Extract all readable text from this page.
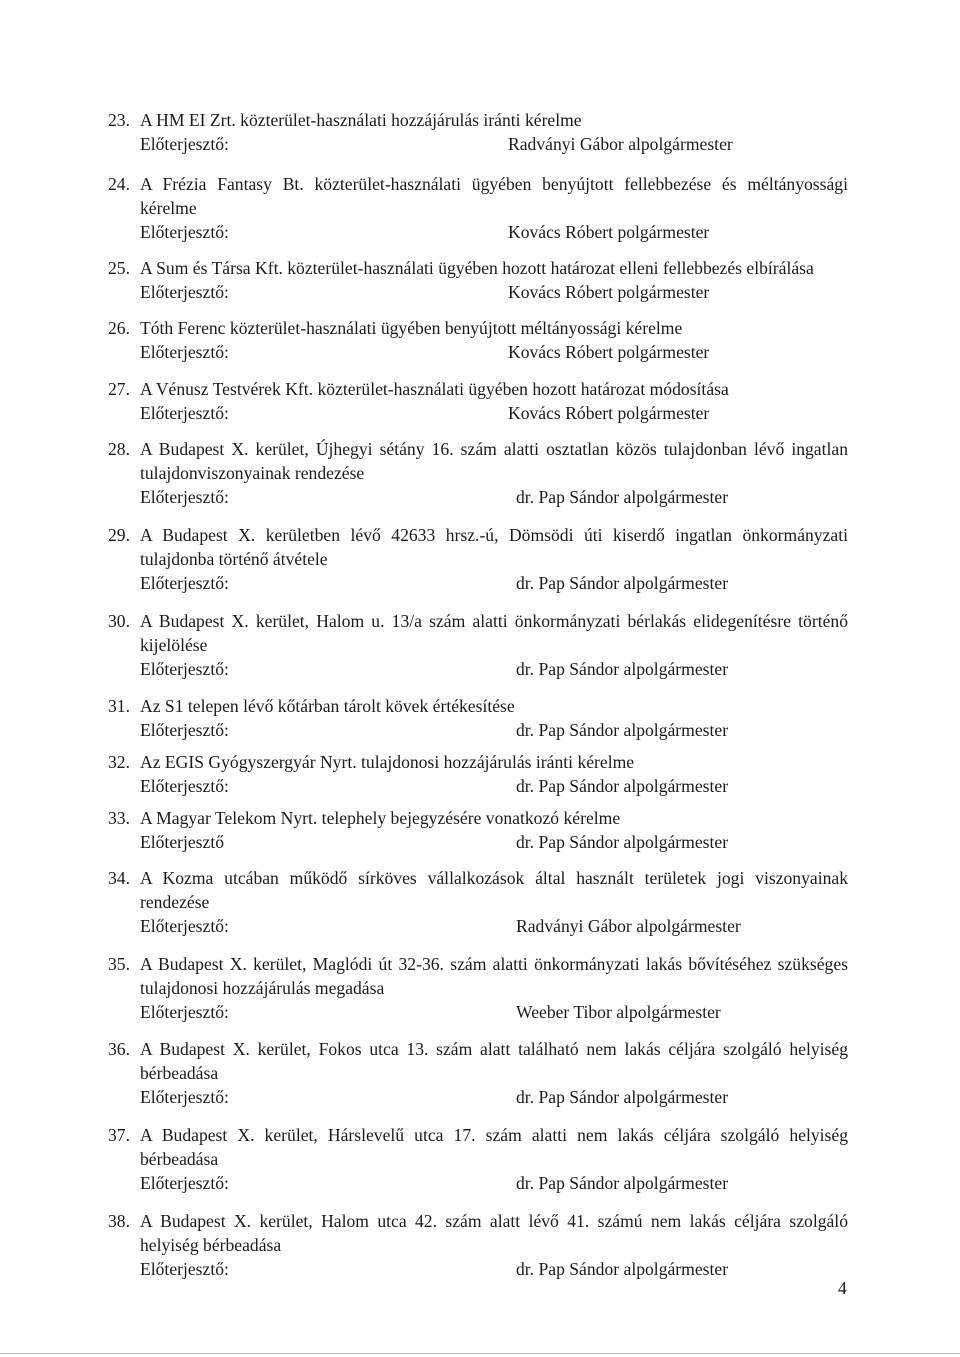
23. A HM EI Zrt. közterület-használati hozzájárulás iránti kérelme
Előterjesztő:	Radványi Gábor alpolgármester
24. A Frézia Fantasy Bt. közterület-használati ügyében benyújtott fellebbezése és méltányossági kérelme
Előterjesztő:	Kovács Róbert polgármester
25. A Sum és Társa Kft. közterület-használati ügyében hozott határozat elleni fellebbezés elbírálása
Előterjesztő:	Kovács Róbert polgármester
26. Tóth Ferenc közterület-használati ügyében benyújtott méltányossági kérelme
Előterjesztő:	Kovács Róbert polgármester
27. A Vénusz Testvérek Kft. közterület-használati ügyében hozott határozat módosítása
Előterjesztő:	Kovács Róbert polgármester
28. A Budapest X. kerület, Újhegyi sétány 16. szám alatti osztatlan közös tulajdonban lévő ingatlan tulajdonviszonyainak rendezése
Előterjesztő:	dr. Pap Sándor alpolgármester
29. A Budapest X. kerületben lévő 42633 hrsz.-ú, Dömsödi úti kiserdő ingatlan önkormányzati tulajdonba történő átvétele
Előterjesztő:	dr. Pap Sándor alpolgármester
30. A Budapest X. kerület, Halom u. 13/a szám alatti önkormányzati bérlakás elidegenítésre történő kijelölése
Előterjesztő:	dr. Pap Sándor alpolgármester
31. Az S1 telepen lévő kőtárban tárolt kövek értékesítése
Előterjesztő:	dr. Pap Sándor alpolgármester
32. Az EGIS Gyógyszergyár Nyrt. tulajdonosi hozzájárulás iránti kérelme
Előterjesztő:	dr. Pap Sándor alpolgármester
33. A Magyar Telekom Nyrt. telephely bejegyzésére vonatkozó kérelme
Előterjesztő	dr. Pap Sándor alpolgármester
34. A Kozma utcában működő sírköves vállalkozások által használt területek jogi viszonyainak rendezése
Előterjesztő:	Radványi Gábor alpolgármester
35. A Budapest X. kerület, Maglódi út 32-36. szám alatti önkormányzati lakás bővítéséhez szükséges tulajdonosi hozzájárulás megadása
Előterjesztő:	Weeber Tibor alpolgármester
36. A Budapest X. kerület, Fokos utca 13. szám alatt található nem lakás céljára szolgáló helyiség bérbeadása
Előterjesztő:	dr. Pap Sándor alpolgármester
37. A Budapest X. kerület, Hárslevelű utca 17. szám alatti nem lakás céljára szolgáló helyiség bérbeadása
Előterjesztő:	dr. Pap Sándor alpolgármester
38. A Budapest X. kerület, Halom utca 42. szám alatt lévő 41. számú nem lakás céljára szolgáló helyiség bérbeadása
Előterjesztő:	dr. Pap Sándor alpolgármester
4
